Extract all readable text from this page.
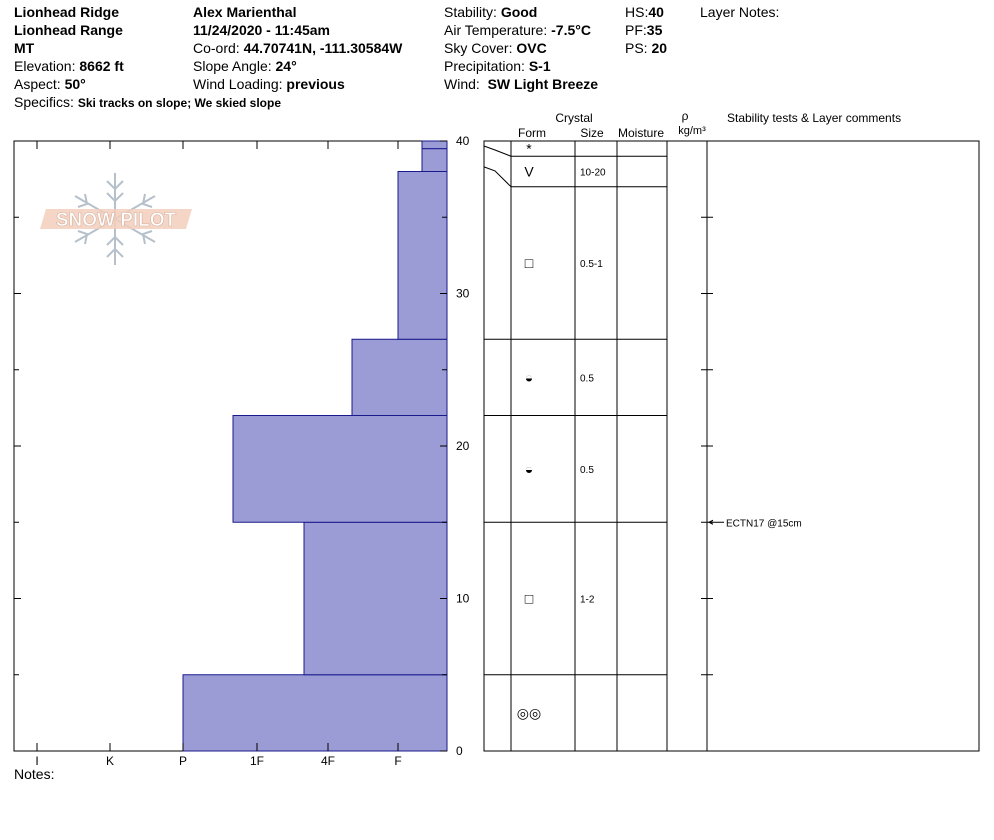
Lionhead Ridge
Lionhead Range
MT
Elevation: 8662 ft
Aspect: 50°
Specifics: Ski tracks on slope; We skied slope
Alex Marienthal
11/24/2020 - 11:45am
Co-ord: 44.70741N, -111.30584W
Slope Angle: 24°
Wind Loading: previous
Stability: Good
Air Temperature: -7.5°C
Sky Cover: OVC
Precipitation: S-1
Wind: SW Light Breeze
HS:40
PF:35
PS: 20
Layer Notes:
SNOW PILOT
I	K	P	1F	4F	F
0
10
20
30
40	*
V	10-20
□	0.5-1
◒	0.5
◒	0.5
□	1-2
◎◎
ECTN17 @15cm
Crystal
Form	Size Moisture
ρ
kg/m³
Stability tests & Layer comments
Notes:
